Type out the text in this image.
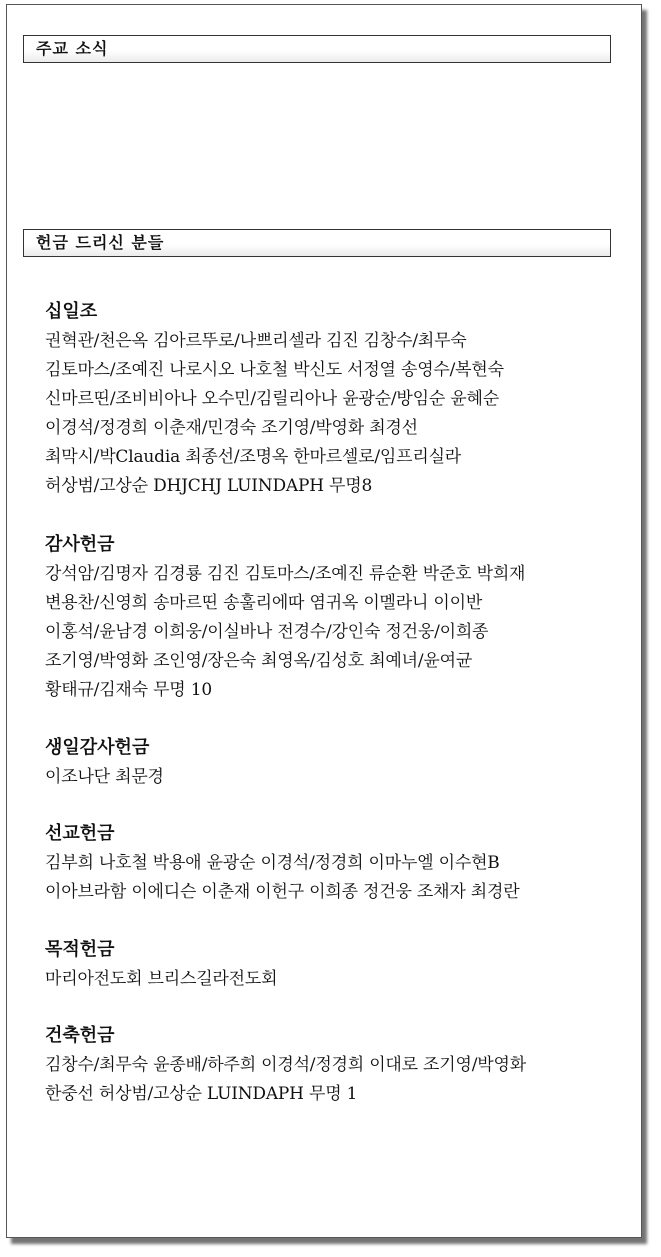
주교 소식
헌금 드리신 분들
십일조
권혁관/천은옥 김아르뚜로/나쁘리셀라 김진 김창수/최무숙
김토마스/조예진 나로시오 나호철 박신도 서정열 송영수/복현숙
신마르띤/조비비아나 오수민/김릴리아나 윤광순/방임순 윤혜순
이경석/정경희 이춘재/민경숙 조기영/박영화 최경선
최막시/박Claudia 최종선/조명옥 한마르셀로/임프리실라
허상범/고상순 DHJCHJ LUINDAPH 무명8
감사헌금
강석암/김명자 김경룡 김진 김토마스/조예진 류순환 박준호 박희재
변용찬/신영희 송마르띤 송훌리에따 염귀옥 이멜라니 이이반
이홍석/윤남경 이희웅/이실바나 전경수/강인숙 정건웅/이희종
조기영/박영화 조인영/장은숙 최영옥/김성호 최예녀/윤여균
황태규/김재숙 무명 10
생일감사헌금
이조나단 최문경
선교헌금
김부희 나호철 박용애 윤광순 이경석/정경희 이마누엘 이수현B
이아브라함 이에디슨 이춘재 이헌구 이희종 정건웅 조채자 최경란
목적헌금
마리아전도회 브리스길라전도회
건축헌금
김창수/최무숙 윤종배/하주희 이경석/정경희 이대로 조기영/박영화
한중선 허상범/고상순 LUINDAPH 무명 1
